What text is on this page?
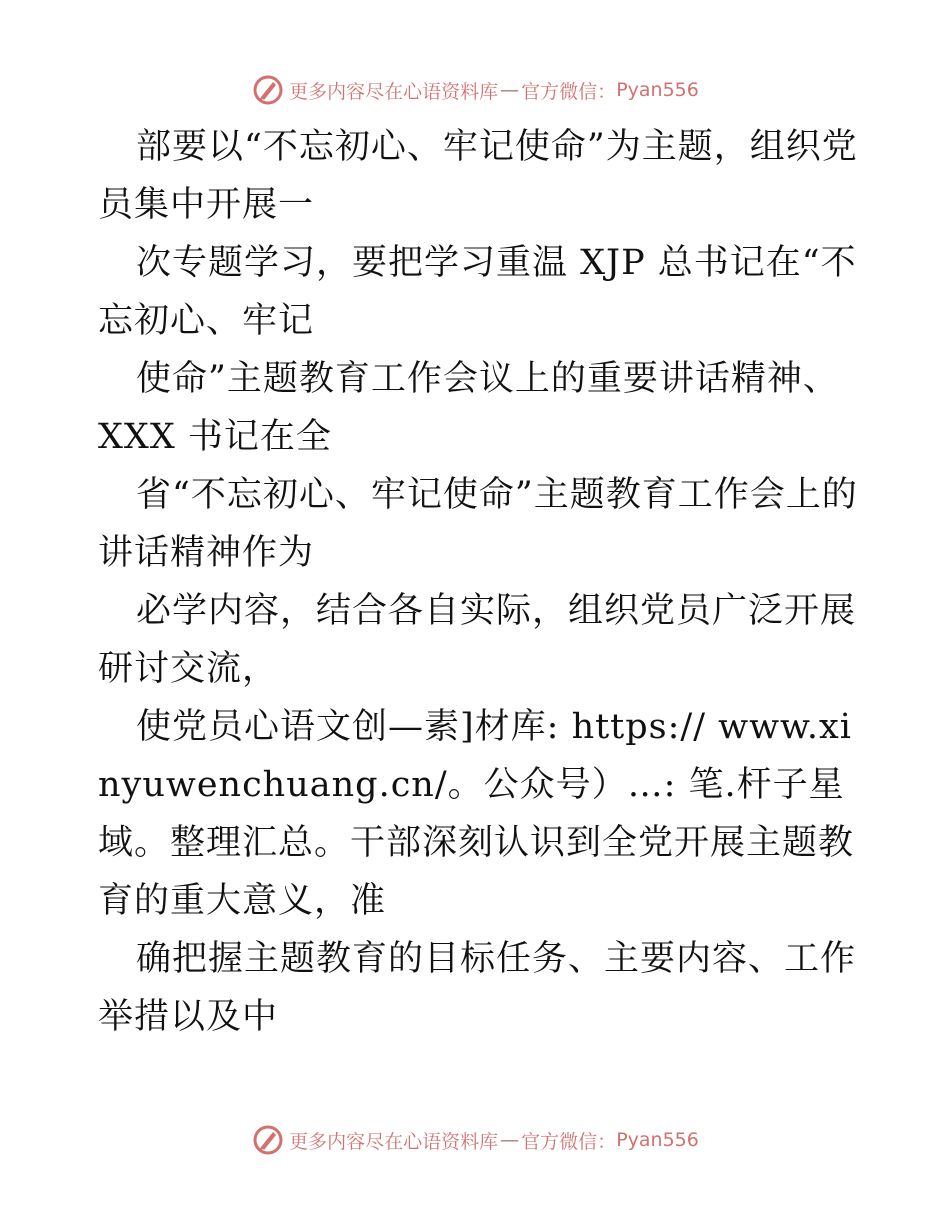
更多内容尽在心语资料库 — 官方微信： Pyan556

部要以“不忘初心、牢记使命”为主题，组织党员集中开展一

次专题学习，要把学习重温 XJP 总书记在“不忘初心、牢记

使命”主题教育工作会议上的重要讲话精神、XXX 书记在全

省“不忘初心、牢记使命”主题教育工作会上的讲话精神作为

必学内容，结合各自实际，组织党员广泛开展研讨交流，

使党员心语文创—素]材库: https:// www.xinyuwenchuang.cn/。公众号）…: 笔.杆子星域。整理汇总。干部深刻认识到全党开展主题教育的重大意义，准

确把握主题教育的目标任务、主要内容、工作举措以及中

更多内容尽在心语资料库 — 官方微信： Pyan556
